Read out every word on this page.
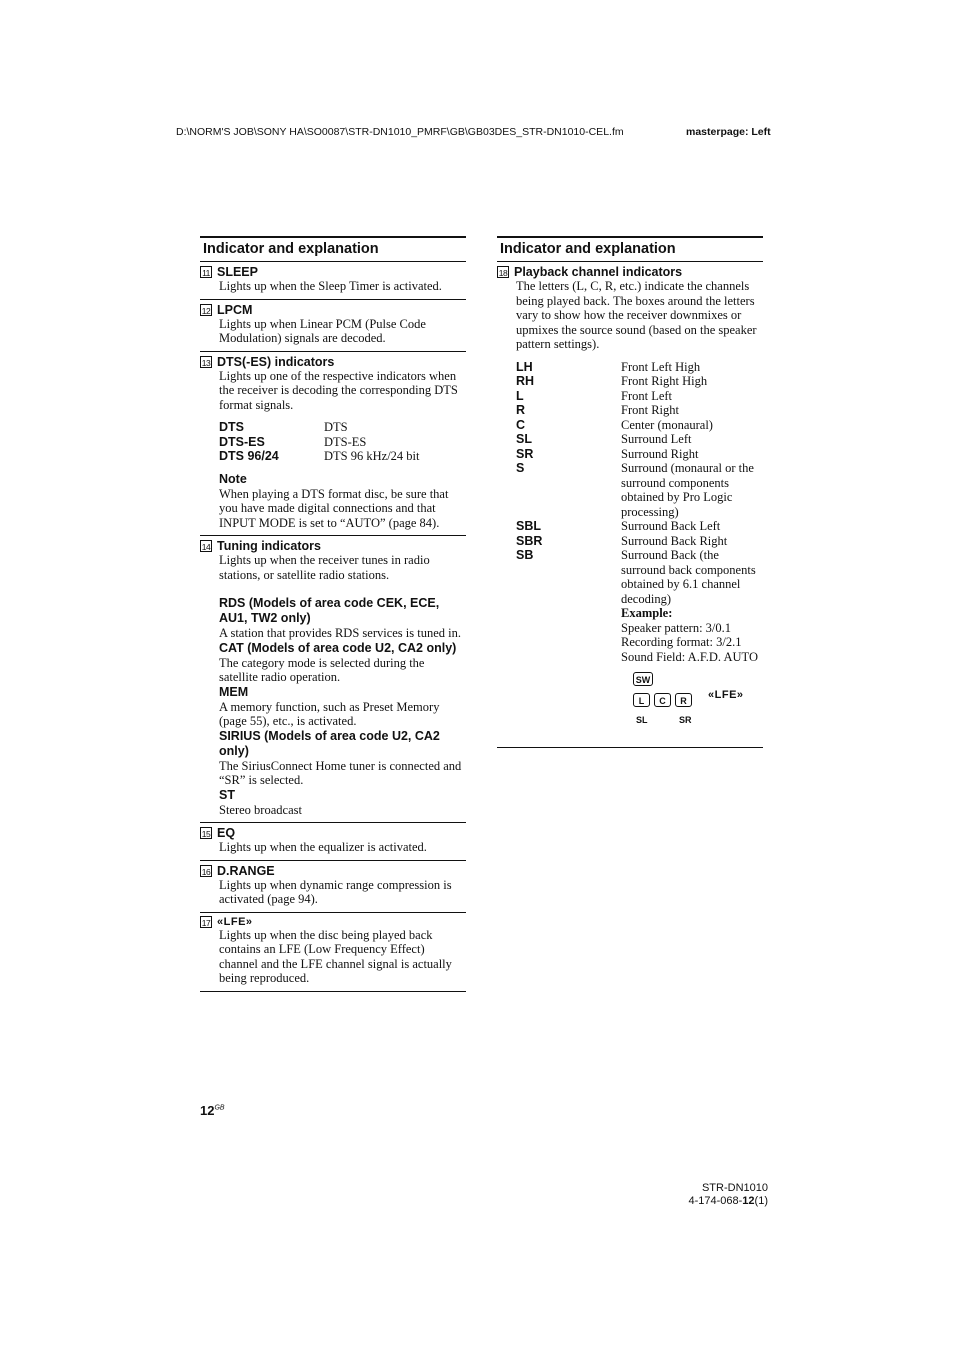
D:\NORM'S JOB\SONY HA\SO0087\STR-DN1010_PMRF\GB\GB03DES_STR-DN1010-CEL.fm	masterpage: Left
Indicator and explanation
11 SLEEP
Lights up when the Sleep Timer is activated.
12 LPCM
Lights up when Linear PCM (Pulse Code Modulation) signals are decoded.
13 DTS(-ES) indicators
Lights up one of the respective indicators when the receiver is decoding the corresponding DTS format signals.
DTS	DTS
DTS-ES	DTS-ES
DTS 96/24	DTS 96 kHz/24 bit
Note
When playing a DTS format disc, be sure that you have made digital connections and that INPUT MODE is set to “AUTO” (page 84).
14 Tuning indicators
Lights up when the receiver tunes in radio stations, or satellite radio stations.
RDS (Models of area code CEK, ECE, AU1, TW2 only)
A station that provides RDS services is tuned in.
CAT (Models of area code U2, CA2 only)
The category mode is selected during the satellite radio operation.
MEM
A memory function, such as Preset Memory (page 55), etc., is activated.
SIRIUS (Models of area code U2, CA2 only)
The SiriusConnect Home tuner is connected and “SR” is selected.
ST
Stereo broadcast
15 EQ
Lights up when the equalizer is activated.
16 D.RANGE
Lights up when dynamic range compression is activated (page 94).
17 «LFE»
Lights up when the disc being played back contains an LFE (Low Frequency Effect) channel and the LFE channel signal is actually being reproduced.
Indicator and explanation
18 Playback channel indicators
The letters (L, C, R, etc.) indicate the channels being played back. The boxes around the letters vary to show how the receiver downmixes or upmixes the source sound (based on the speaker pattern settings).
LH	Front Left High
RH	Front Right High
L	Front Left
R	Front Right
C	Center (monaural)
SL	Surround Left
SR	Surround Right
S	Surround (monaural or the surround components obtained by Pro Logic processing)
SBL	Surround Back Left
SBR	Surround Back Right
SB	Surround Back (the surround back components obtained by 6.1 channel decoding)
Example:
Speaker pattern: 3/0.1
Recording format: 3/2.1
Sound Field: A.F.D. AUTO
SW
L	C	R	«LFE»
SL	SR
$12^{GB}$
STR-DN1010
4-174-068-12(1)
